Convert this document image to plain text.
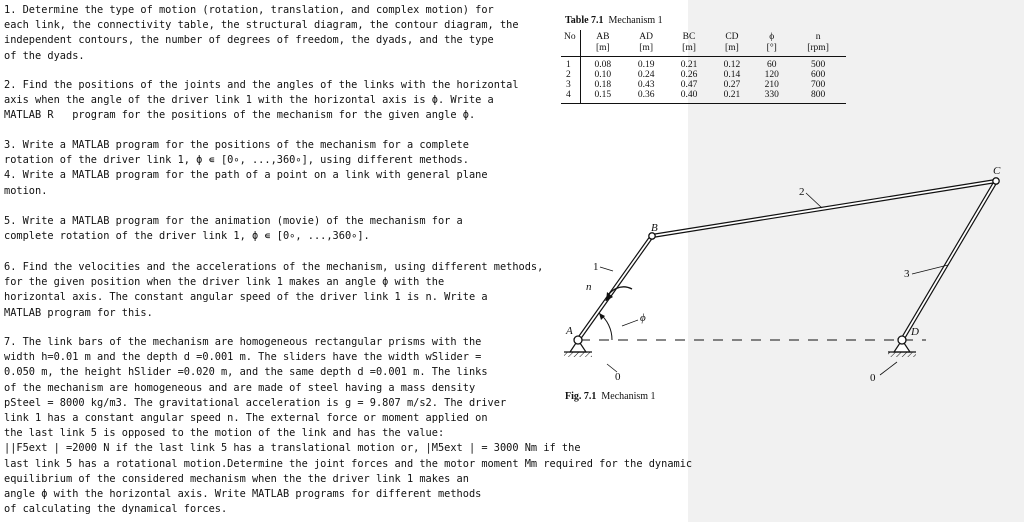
1. Determine the type of motion (rotation, translation, and complex motion) for
each link, the connectivity table, the structural diagram, the contour diagram, the
independent contours, the number of degrees of freedom, the dyads, and the type
of the dyads.
2. Find the positions of the joints and the angles of the links with the horizontal
axis when the angle of the driver link 1 with the horizontal axis is ϕ. Write a
MATLAB R   program for the positions of the mechanism for the given angle ϕ.
3. Write a MATLAB program for the positions of the mechanism for a complete
rotation of the driver link 1, ϕ ∊ [0∘, ...,360∘], using different methods.
4. Write a MATLAB program for the path of a point on a link with general plane
motion.
5. Write a MATLAB program for the animation (movie) of the mechanism for a
complete rotation of the driver link 1, ϕ ∊ [0∘, ...,360∘].
6. Find the velocities and the accelerations of the mechanism, using different methods,
for the given position when the driver link 1 makes an angle ϕ with the
horizontal axis. The constant angular speed of the driver link 1 is n. Write a
MATLAB program for this.
7. The link bars of the mechanism are homogeneous rectangular prisms with the
width h=0.01 m and the depth d =0.001 m. The sliders have the width wSlider =
0.050 m, the height hSlider =0.020 m, and the same depth d =0.001 m. The links
of the mechanism are homogeneous and are made of steel having a mass density
pSteel = 8000 kg/m3. The gravitational acceleration is g = 9.807 m/s2. The driver
link 1 has a constant angular speed n. The external force or moment applied on
the last link 5 is opposed to the motion of the link and has the value:
||F5ext | =2000 N if the last link 5 has a translational motion or, |M5ext | = 3000 Nm if the
last link 5 has a rotational motion.Determine the joint forces and the motor moment Mm required for the dynamic
equilibrium of the considered mechanism when the the driver link 1 makes an
angle ϕ with the horizontal axis. Write MATLAB programs for different methods
of calculating the dynamical forces.
Table 7.1 Mechanism 1
No	AB	AD	BC	CD	ϕ	n
	[m]	[m]	[m]	[m]	[°]	[rpm]
1	0.08	0.19	0.21	0.12	60	500
2	0.10	0.24	0.26	0.14	120	600
3	0.18	0.43	0.47	0.27	210	700
4	0.15	0.36	0.40	0.21	330	800
A
B
C
D
1
2
3
0	0
ϕ
n
Fig. 7.1 Mechanism 1
